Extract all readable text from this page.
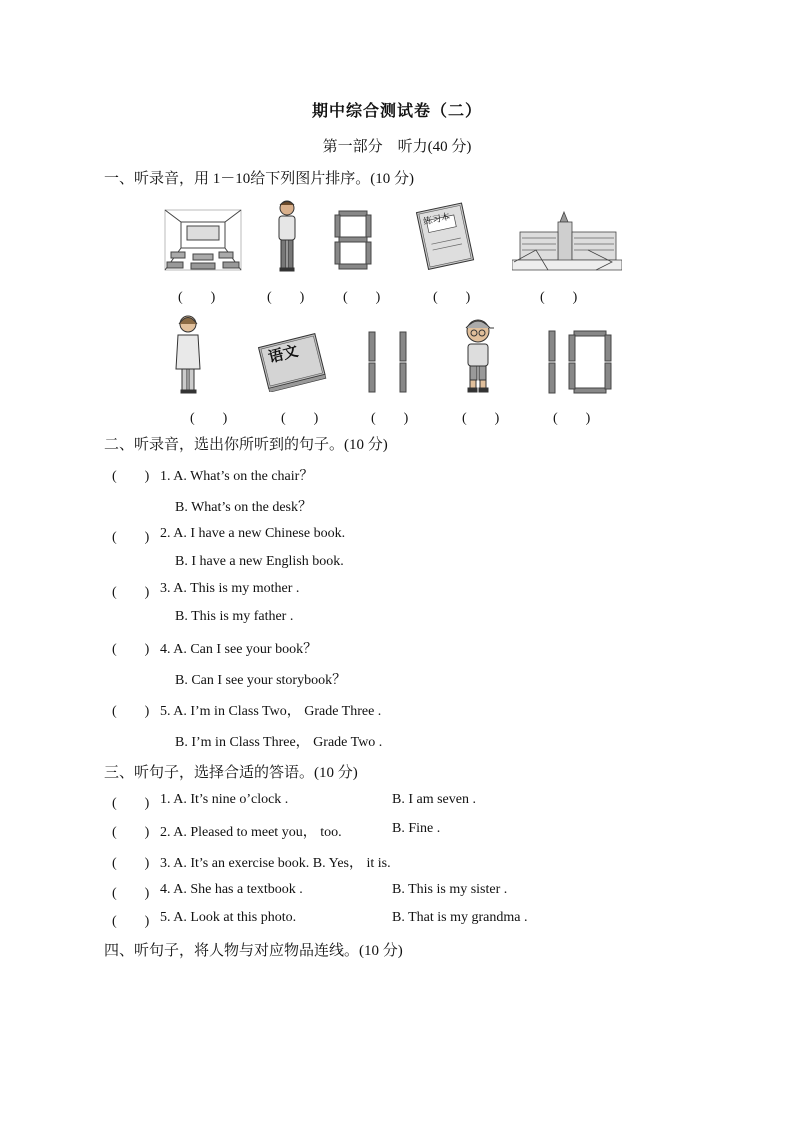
期中综合测试卷（二）
第一部分　听力(40 分)
一、听录音，用 1－10给下列图片排序。(10 分)
练习本
(　　)	(　　)	(　　)	(　　)	(　　)
语文
(　　)	(　　)	(　　)	(　　)	(　　)
二、听录音，选出你所听到的句子。(10 分)
(　　) 1. A. What’s on the chair？
B. What’s on the desk？
(　　) 2. A. I have a new Chinese book.
B. I have a new English book.
(　　) 3. A. This is my mother .
B. This is my father .
(　　) 4. A. Can I see your book？
B. Can I see your storybook？
(　　) 5. A. I’m in Class Two， Grade Three .
B. I’m in Class Three， Grade Two .
三、听句子，选择合适的答语。(10 分)
(　　) 1. A. It’s nine o’clock .	B. I am seven .
(　　) 2. A. Pleased to meet you， too.	B. Fine .
(　　) 3. A. It’s an exercise book. B. Yes， it is.
(　　) 4. A. She has a textbook .	B. This is my sister .
(　　) 5. A. Look at this photo.	B. That is my grandma .
四、听句子，将人物与对应物品连线。(10 分)
